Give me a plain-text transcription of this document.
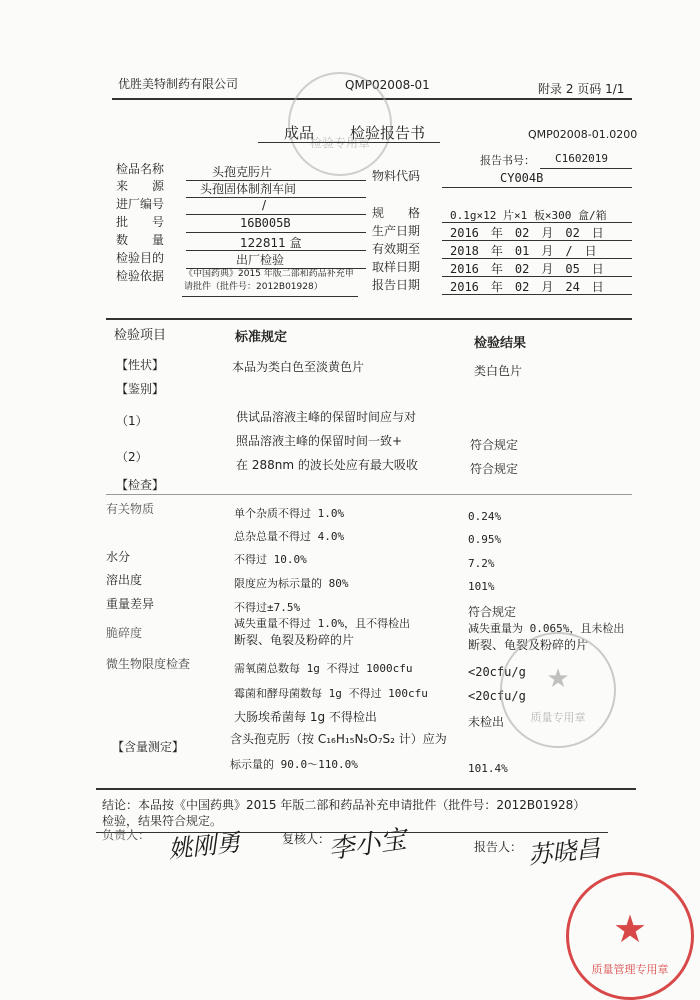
优胜美特制药有限公司	QMP02008-01	附录 2 页码 1/1
检验专用章
成品 检验报告书	QMP02008-01.0200
报告书号： C1602019
检品名称	头孢克肟片
来　　源	头孢固体制剂车间
进厂编号	/
批　　号	16B005B
数　　量	122811 盒
检验目的	出厂检验
检验依据 《中国药典》2015 年版二部和药品补充申请批件（批件号：2012B01928）
物料代码	CY004B
规　　格	0.1g×12 片×1 板×300 盒/箱
生产日期 2016　年　02　月　02　日
有效期至 2018　年　01　月　/　日
取样日期 2016　年　02　月　05　日
报告日期 2016　年　02　月　24　日
检验项目	标准规定	检验结果
【性状】	本品为类白色至淡黄色片	类白色片
【鉴别】
（1）	供试品溶液主峰的保留时间应与对
照品溶液主峰的保留时间一致+	符合规定
（2）
在 288nm 的波长处应有最大吸收	符合规定
【检查】
有关物质	单个杂质不得过 1.0%	0.24%
总杂总量不得过 4.0%	0.95%
水分	不得过 10.0%	7.2%
溶出度	限度应为标示量的 80%	101%
重量差异	不得过±7.5%	符合规定
减失重量不得过 1.0%，且不得检出	减失重量为 0.065%，且未检出
脆碎度	断裂、龟裂及粉碎的片	断裂、龟裂及粉碎的片
微生物限度检查	需氧菌总数每 1g 不得过 1000cfu	<20cfu/g
霉菌和酵母菌数每 1g 不得过 100cfu	<20cfu/g
大肠埃希菌每 1g 不得检出	未检出
【含量测定】
含头孢克肟（按 C₁₆H₁₅N₅O₇S₂ 计）应为
标示量的 90.0～110.0%	101.4%
★
质量专用章
结论：本品按《中国药典》2015 年版二部和药品补充申请批件（批件号：2012B01928）
检验，结果符合规定。
负责人： 姚刚勇	复核人：
李小宝	报告人： 苏晓昌
★
质量管理专用章
